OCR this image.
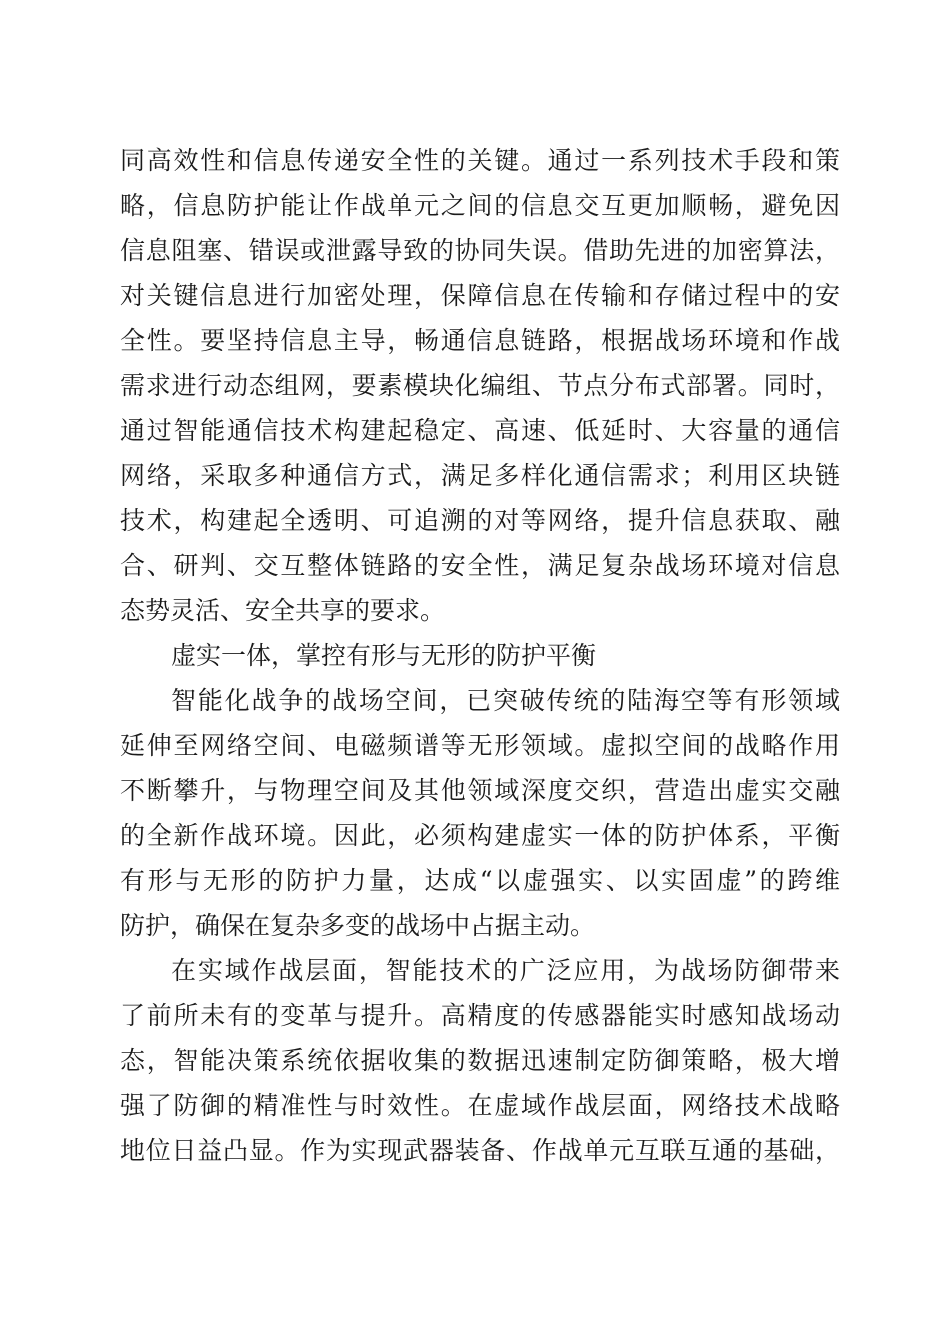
同高效性和信息传递安全性的关键。通过一系列技术手段和策
略，信息防护能让作战单元之间的信息交互更加顺畅，避免因
信息阻塞、错误或泄露导致的协同失误。借助先进的加密算法，
对关键信息进行加密处理，保障信息在传输和存储过程中的安
全性。要坚持信息主导，畅通信息链路，根据战场环境和作战
需求进行动态组网，要素模块化编组、节点分布式部署。同时，
通过智能通信技术构建起稳定、高速、低延时、大容量的通信
网络，采取多种通信方式，满足多样化通信需求；利用区块链
技术，构建起全透明、可追溯的对等网络，提升信息获取、融
合、研判、交互整体链路的安全性，满足复杂战场环境对信息
态势灵活、安全共享的要求。
虚实一体，掌控有形与无形的防护平衡
智能化战争的战场空间，已突破传统的陆海空等有形领域
延伸至网络空间、电磁频谱等无形领域。虚拟空间的战略作用
不断攀升，与物理空间及其他领域深度交织，营造出虚实交融
的全新作战环境。因此，必须构建虚实一体的防护体系，平衡
有形与无形的防护力量，达成“以虚强实、以实固虚”的跨维
防护，确保在复杂多变的战场中占据主动。
在实域作战层面，智能技术的广泛应用，为战场防御带来
了前所未有的变革与提升。高精度的传感器能实时感知战场动
态，智能决策系统依据收集的数据迅速制定防御策略，极大增
强了防御的精准性与时效性。在虚域作战层面，网络技术战略
地位日益凸显。作为实现武器装备、作战单元互联互通的基础，
